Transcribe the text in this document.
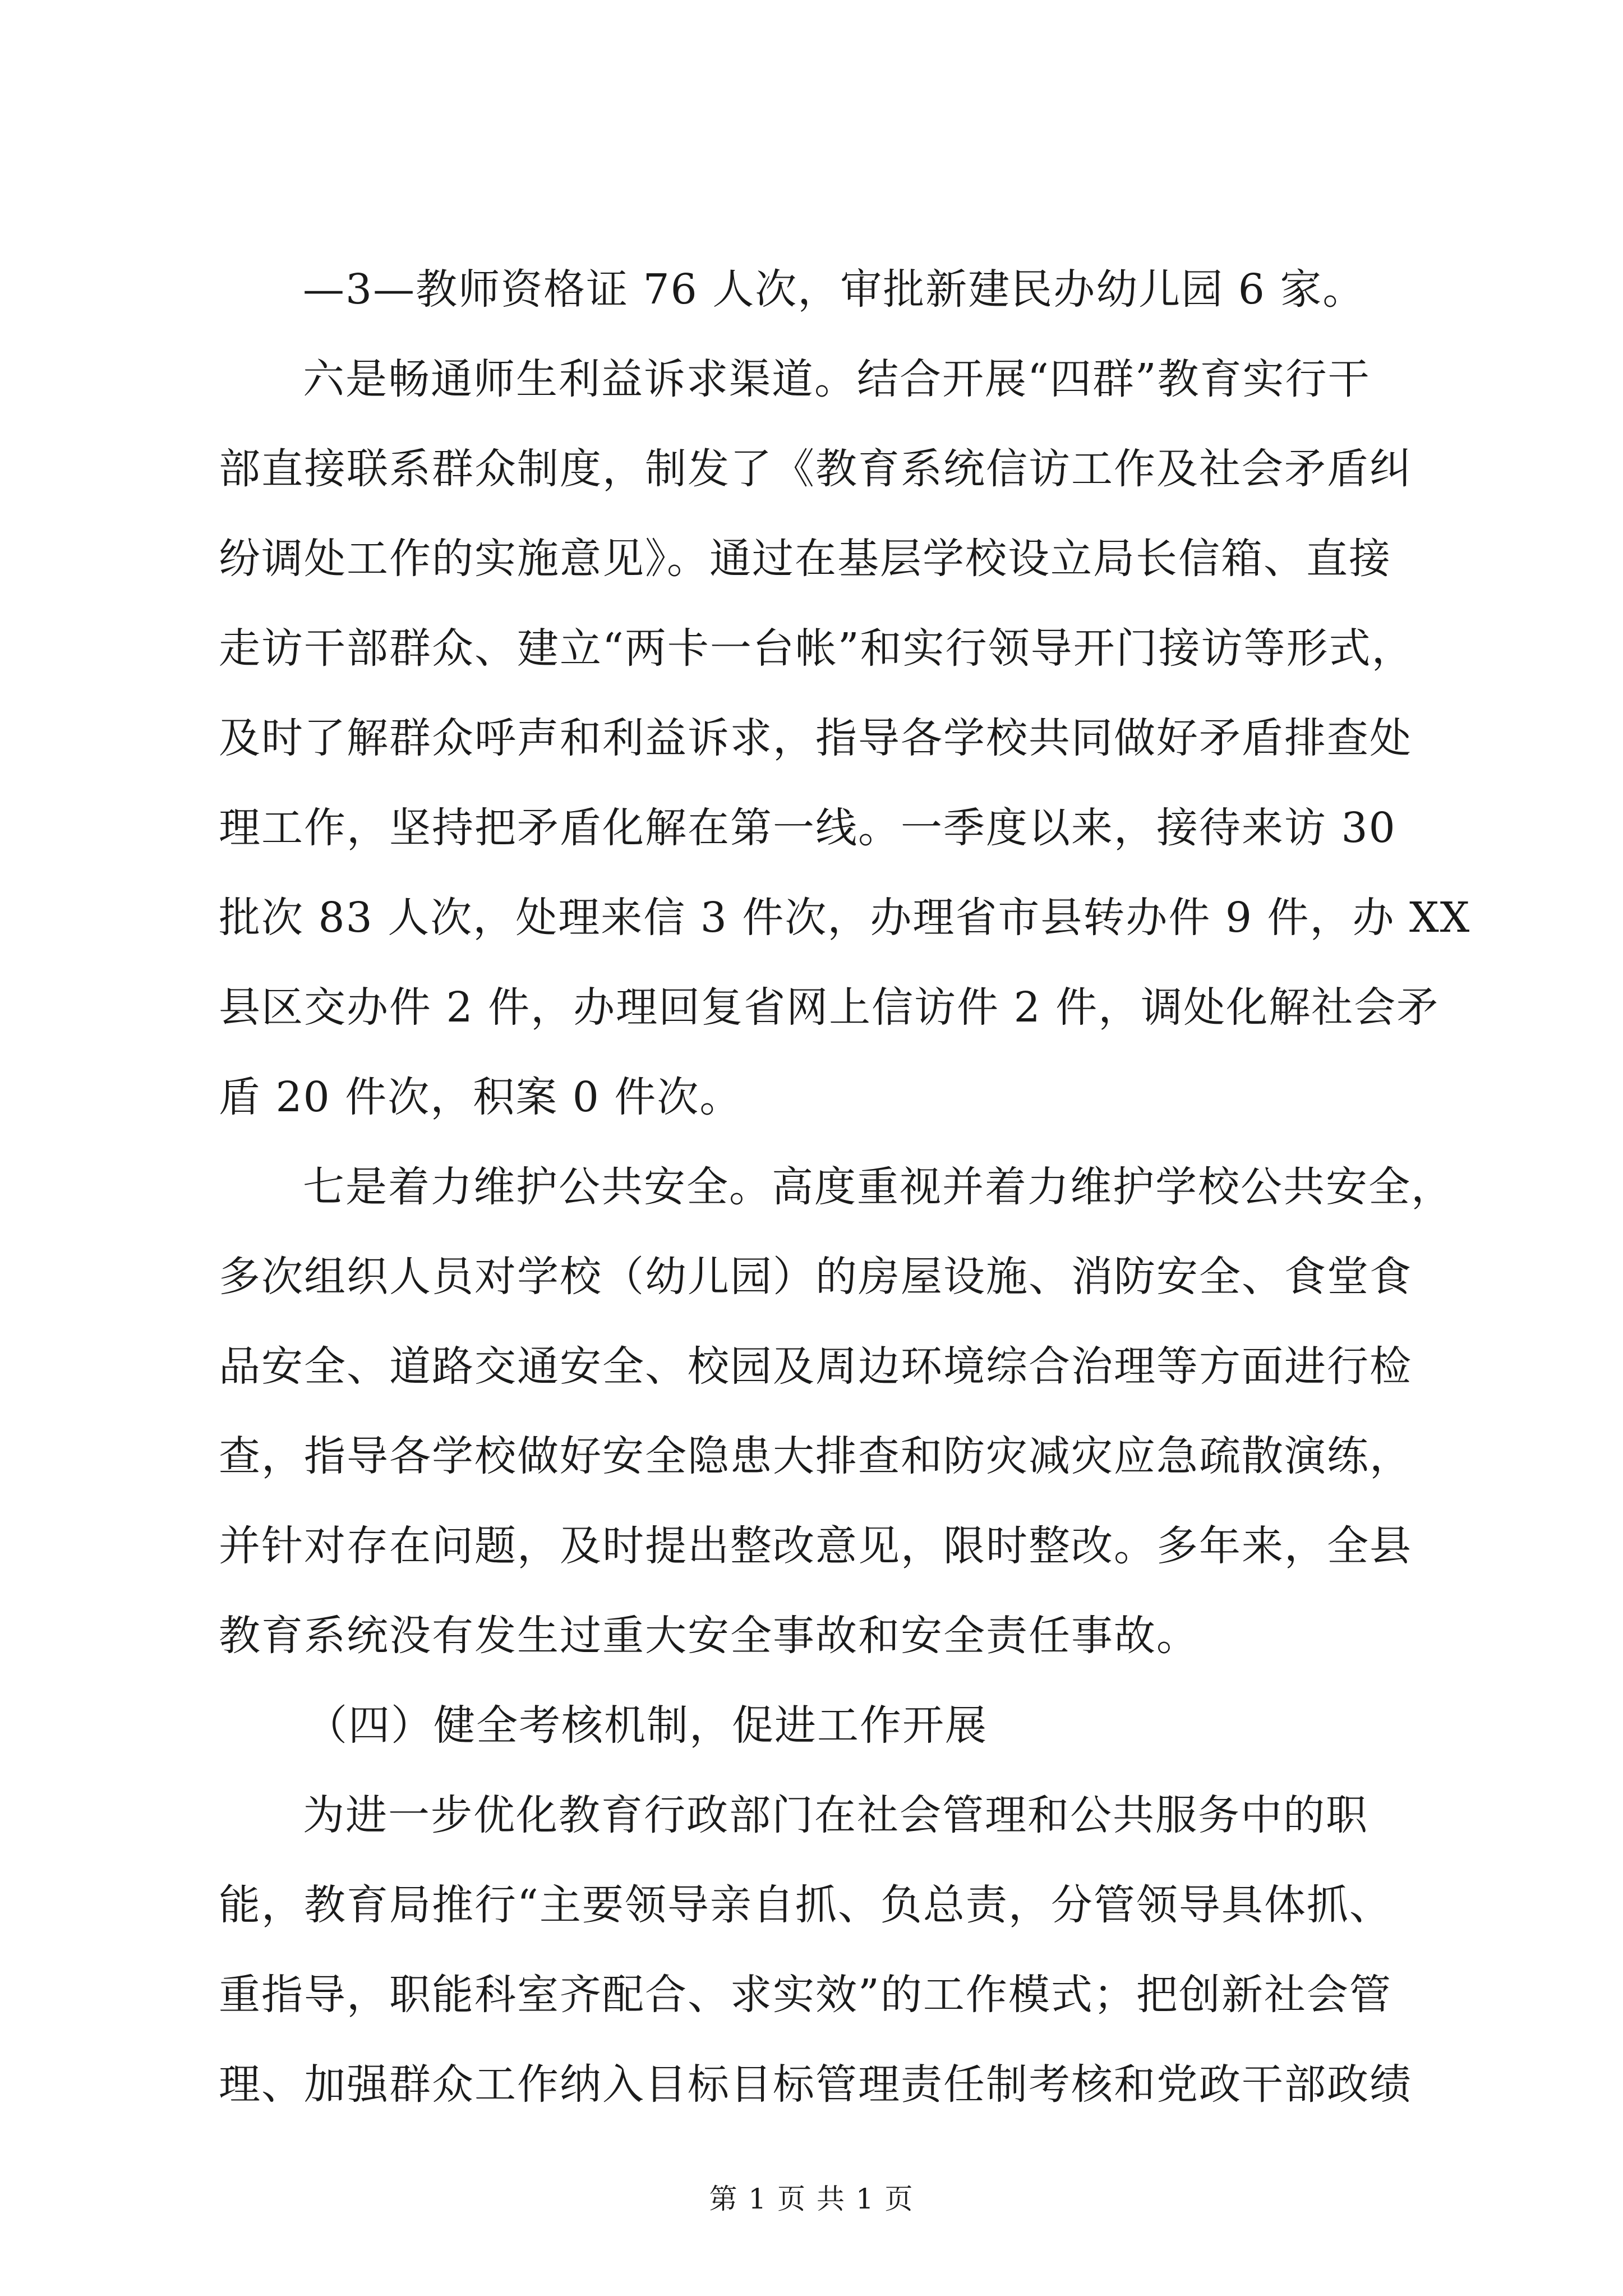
—3—教师资格证 76 人次，审批新建民办幼儿园 6 家。
六是畅通师生利益诉求渠道。结合开展“四群”教育实行干
部直接联系群众制度，制发了《教育系统信访工作及社会矛盾纠
纷调处工作的实施意见》。通过在基层学校设立局长信箱、直接
走访干部群众、建立“两卡一台帐”和实行领导开门接访等形式，
及时了解群众呼声和利益诉求，指导各学校共同做好矛盾排查处
理工作，坚持把矛盾化解在第一线。一季度以来，接待来访 30
批次 83 人次，处理来信 3 件次，办理省市县转办件 9 件，办 XX
县区交办件 2 件，办理回复省网上信访件 2 件，调处化解社会矛
盾 20 件次，积案 0 件次。
七是着力维护公共安全。高度重视并着力维护学校公共安全，
多次组织人员对学校（幼儿园）的房屋设施、消防安全、食堂食
品安全、道路交通安全、校园及周边环境综合治理等方面进行检
查，指导各学校做好安全隐患大排查和防灾减灾应急疏散演练，
并针对存在问题，及时提出整改意见，限时整改。多年来，全县
教育系统没有发生过重大安全事故和安全责任事故。
（四）健全考核机制，促进工作开展
为进一步优化教育行政部门在社会管理和公共服务中的职
能，教育局推行“主要领导亲自抓、负总责，分管领导具体抓、
重指导，职能科室齐配合、求实效”的工作模式；把创新社会管
理、加强群众工作纳入目标目标管理责任制考核和党政干部政绩
第 1 页 共 1 页
